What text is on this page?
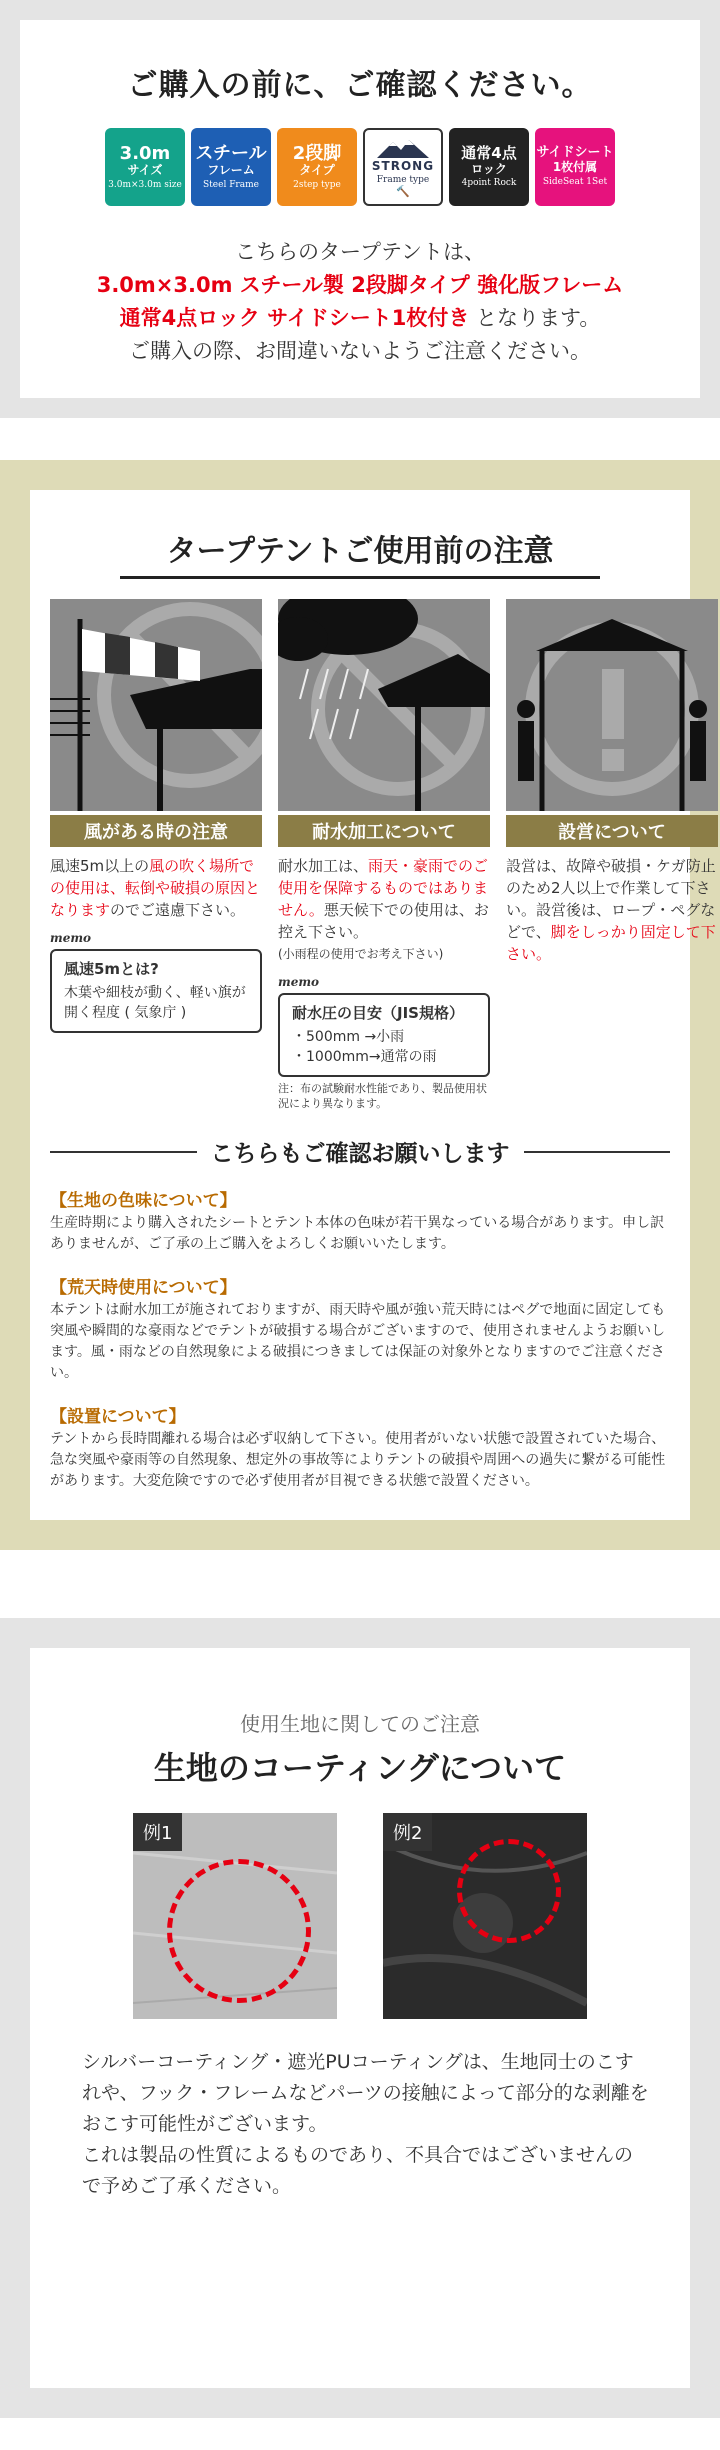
ご購入の前に、ご確認ください。
3.0m
サイズ
3.0m×3.0m size
スチール
フレーム
Steel Frame
2段脚
タイプ
2step type
STRONG
Frame type
🔨
通常4点
ロック
4point Rock
サイドシート
1枚付属
SideSeat 1Set
こちらのタープテントは、
3.0m×3.0m スチール製 2段脚タイプ 強化版フレーム
通常4点ロック サイドシート1枚付き となります。
ご購入の際、お間違いないようご注意ください。
タープテントご使用前の注意
風がある時の注意
風速5m以上の風の吹く場所での使用は、転倒や破損の原因となりますのでご遠慮下さい。
memo
風速5mとは?
木葉や細枝が動く、軽い旗が開く程度 ( 気象庁 )
耐水加工について
耐水加工は、雨天・豪雨でのご使用を保障するものではありません。悪天候下での使用は、お控え下さい。
(小雨程の使用でお考え下さい)
memo
耐水圧の目安（JIS規格）
・500mm →小雨
・1000mm→通常の雨
注：布の試験耐水性能であり、製品使用状況により異なります。
設営について
設営は、故障や破損・ケガ防止のため2人以上で作業して下さい。設営後は、ロープ・ペグなどで、脚をしっかり固定して下さい。
こちらもご確認お願いします
【生地の色味について】
生産時期により購入されたシートとテント本体の色味が若干異なっている場合があります。申し訳ありませんが、ご了承の上ご購入をよろしくお願いいたします。
【荒天時使用について】
本テントは耐水加工が施されておりますが、雨天時や風が強い荒天時にはペグで地面に固定しても突風や瞬間的な豪雨などでテントが破損する場合がございますので、使用されませんようお願いします。風・雨などの自然現象による破損につきましては保証の対象外となりますのでご注意ください。
【設置について】
テントから長時間離れる場合は必ず収納して下さい。使用者がいない状態で設置されていた場合、急な突風や豪雨等の自然現象、想定外の事故等によりテントの破損や周囲への過失に繋がる可能性があります。大変危険ですので必ず使用者が目視できる状態で設置ください。
使用生地に関してのご注意
生地のコーティングについて
例1	例2
シルバーコーティング・遮光PUコーティングは、生地同士のこすれや、フック・フレームなどパーツの接触によって部分的な剥離をおこす可能性がございます。
これは製品の性質によるものであり、不具合ではございませんので予めご了承ください。
